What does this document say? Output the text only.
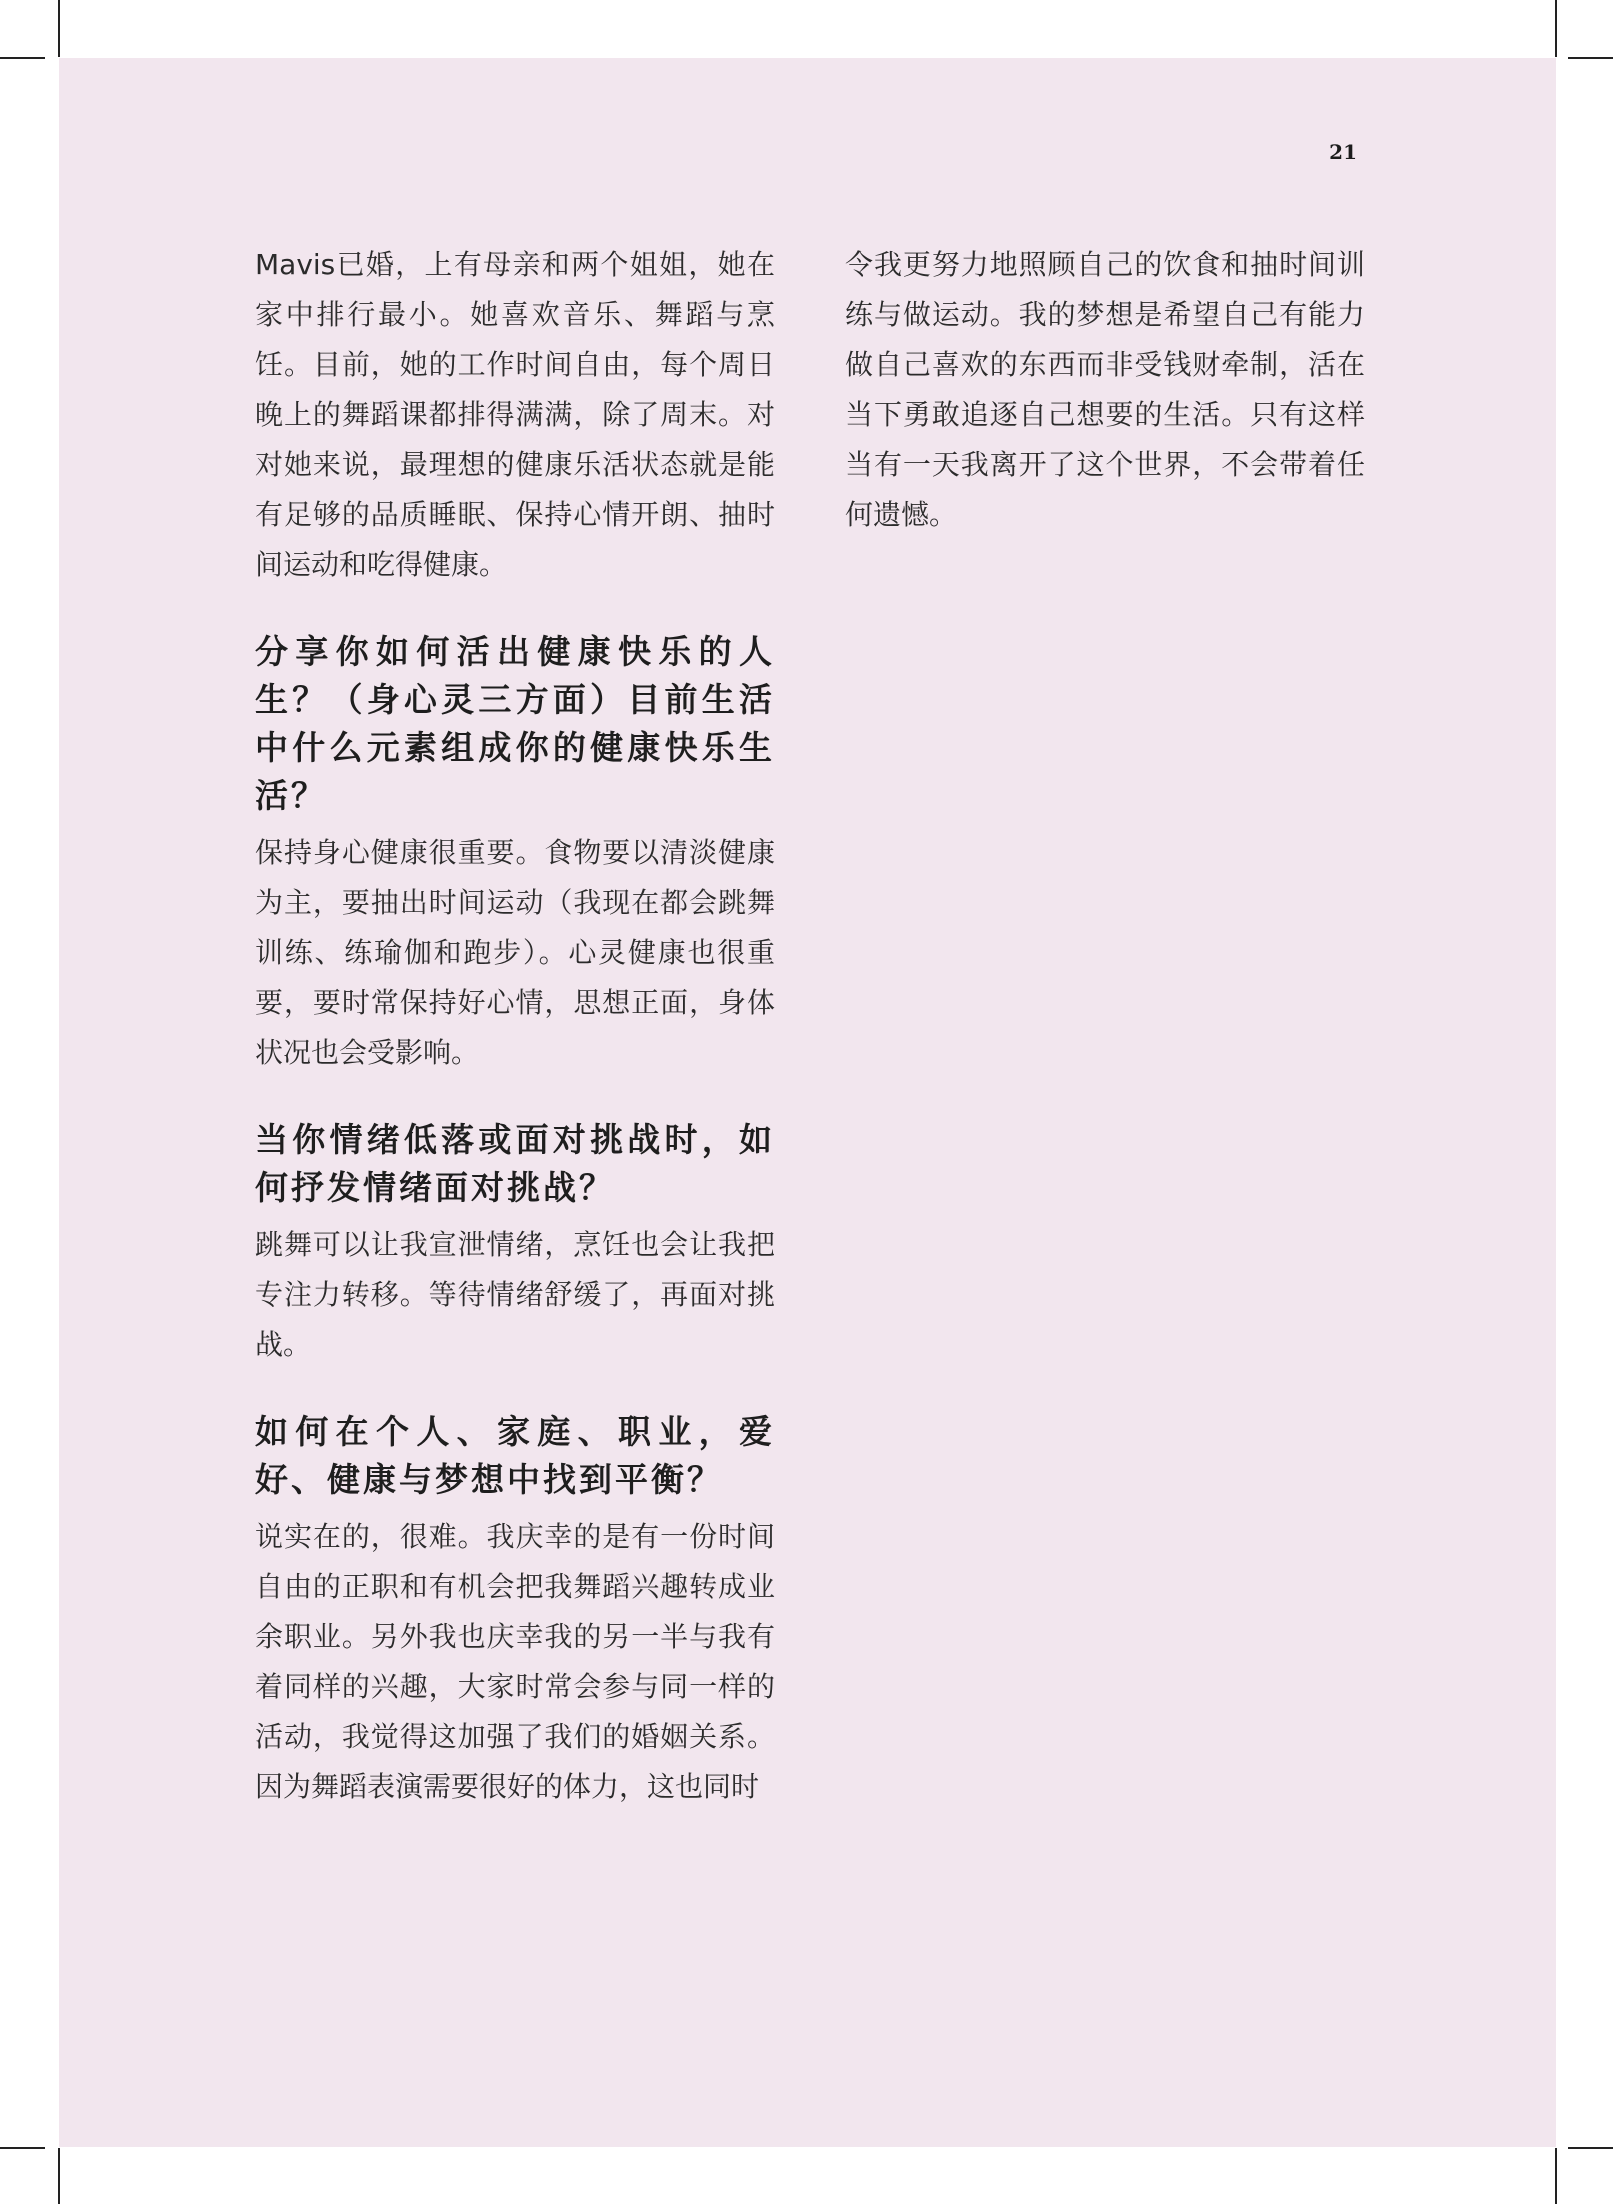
21

Mavis已婚，上有母亲和两个姐姐，她在家中排行最小。她喜欢音乐、舞蹈与烹饪。目前，她的工作时间自由，每个周日晚上的舞蹈课都排得满满，除了周末。对对她来说，最理想的健康乐活状态就是能有足够的品质睡眠、保持心情开朗、抽时间运动和吃得健康。

分享你如何活出健康快乐的人生？（身心灵三方面）目前生活中什么元素组成你的健康快乐生活？

保持身心健康很重要。食物要以清淡健康为主，要抽出时间运动（我现在都会跳舞训练、练瑜伽和跑步）。心灵健康也很重要，要时常保持好心情，思想正面，身体状况也会受影响。

当你情绪低落或面对挑战时，如何抒发情绪面对挑战？

跳舞可以让我宣泄情绪，烹饪也会让我把专注力转移。等待情绪舒缓了，再面对挑战。

如何在个人、家庭、职业，爱好、健康与梦想中找到平衡？

说实在的，很难。我庆幸的是有一份时间自由的正职和有机会把我舞蹈兴趣转成业余职业。另外我也庆幸我的另一半与我有着同样的兴趣，大家时常会参与同一样的活动，我觉得这加强了我们的婚姻关系。因为舞蹈表演需要很好的体力，这也同时

令我更努力地照顾自己的饮食和抽时间训练与做运动。我的梦想是希望自己有能力做自己喜欢的东西而非受钱财牵制，活在当下勇敢追逐自己想要的生活。只有这样当有一天我离开了这个世界，不会带着任何遗憾。
